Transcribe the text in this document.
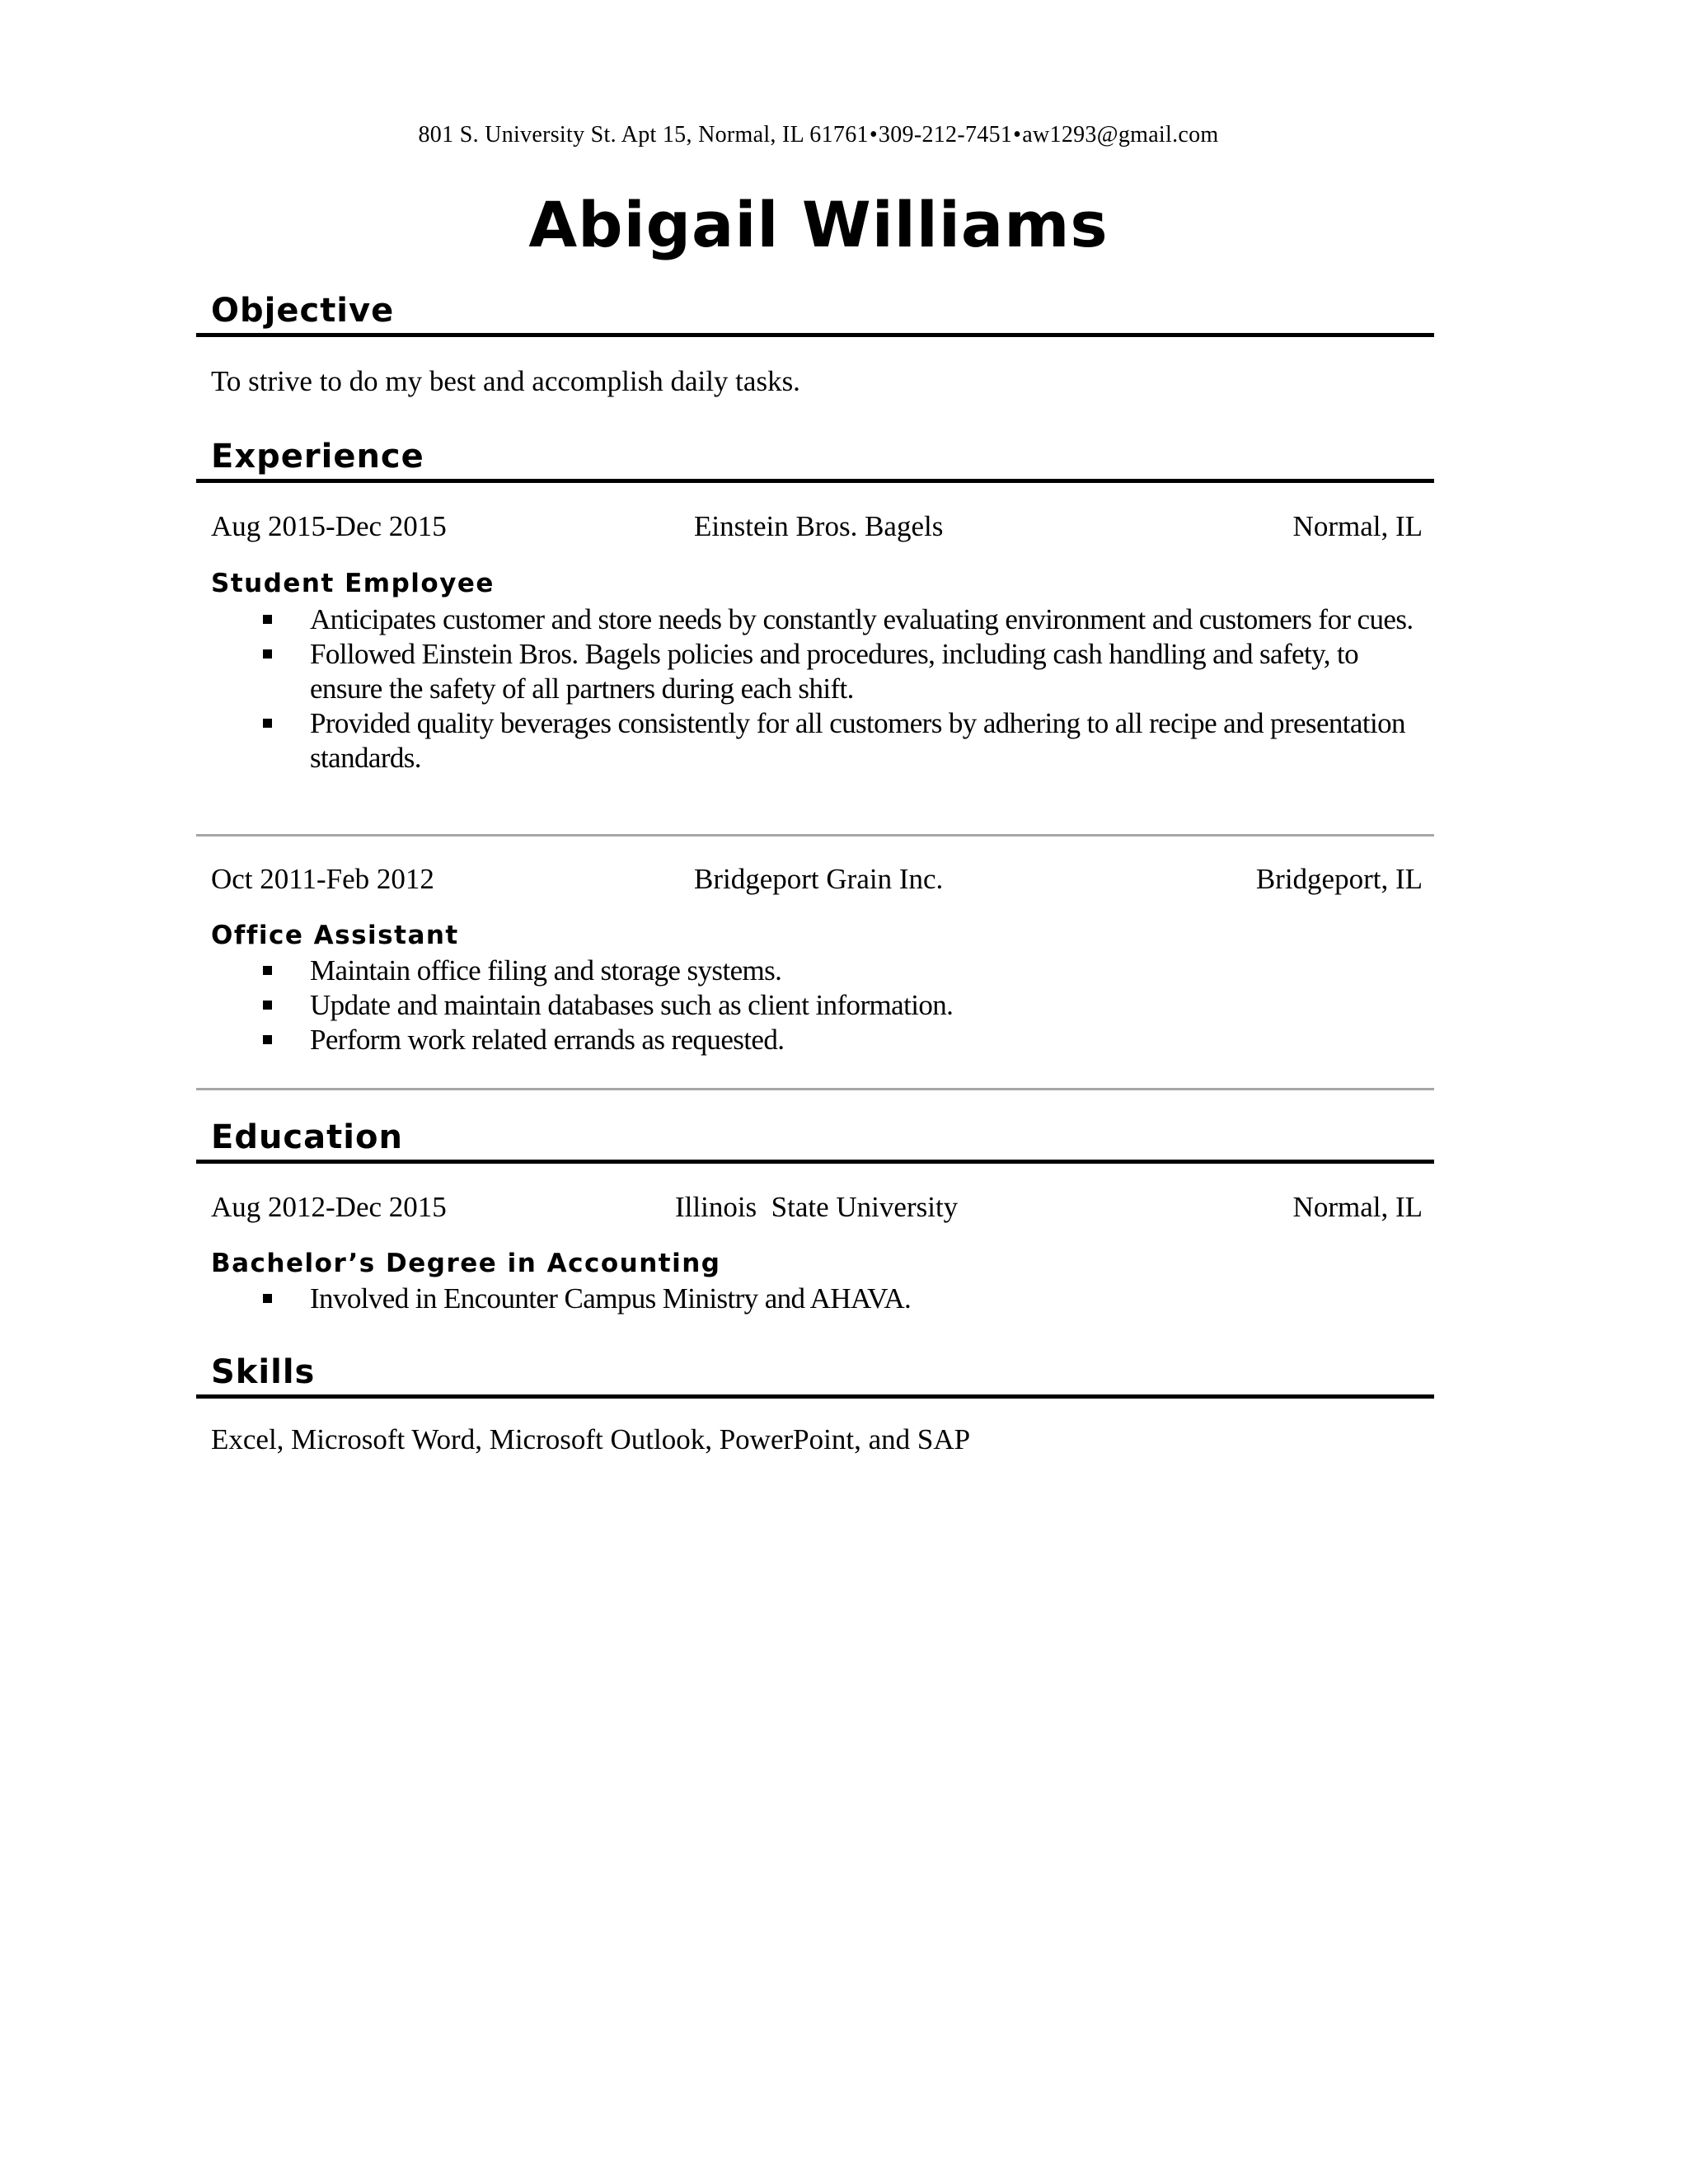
801 S. University St. Apt 15, Normal, IL 61761•309-212-7451•aw1293@gmail.com
Abigail Williams
Objective
To strive to do my best and accomplish daily tasks.
Experience
Aug 2015-Dec 2015	Einstein Bros. Bagels	Normal, IL
Student Employee
Anticipates customer and store needs by constantly evaluating environment and customers for cues.
Followed Einstein Bros. Bagels policies and procedures, including cash handling and safety, to ensure the safety of all partners during each shift.
Provided quality beverages consistently for all customers by adhering to all recipe and presentation standards.
Oct 2011-Feb 2012	Bridgeport Grain Inc.	Bridgeport, IL
Office Assistant
Maintain office filing and storage systems.
Update and maintain databases such as client information.
Perform work related errands as requested.
Education
Aug 2012-Dec 2015	Illinois  State University	Normal, IL
Bachelor’s Degree in Accounting
Involved in Encounter Campus Ministry and AHAVA.
Skills
Excel, Microsoft Word, Microsoft Outlook, PowerPoint, and SAP
